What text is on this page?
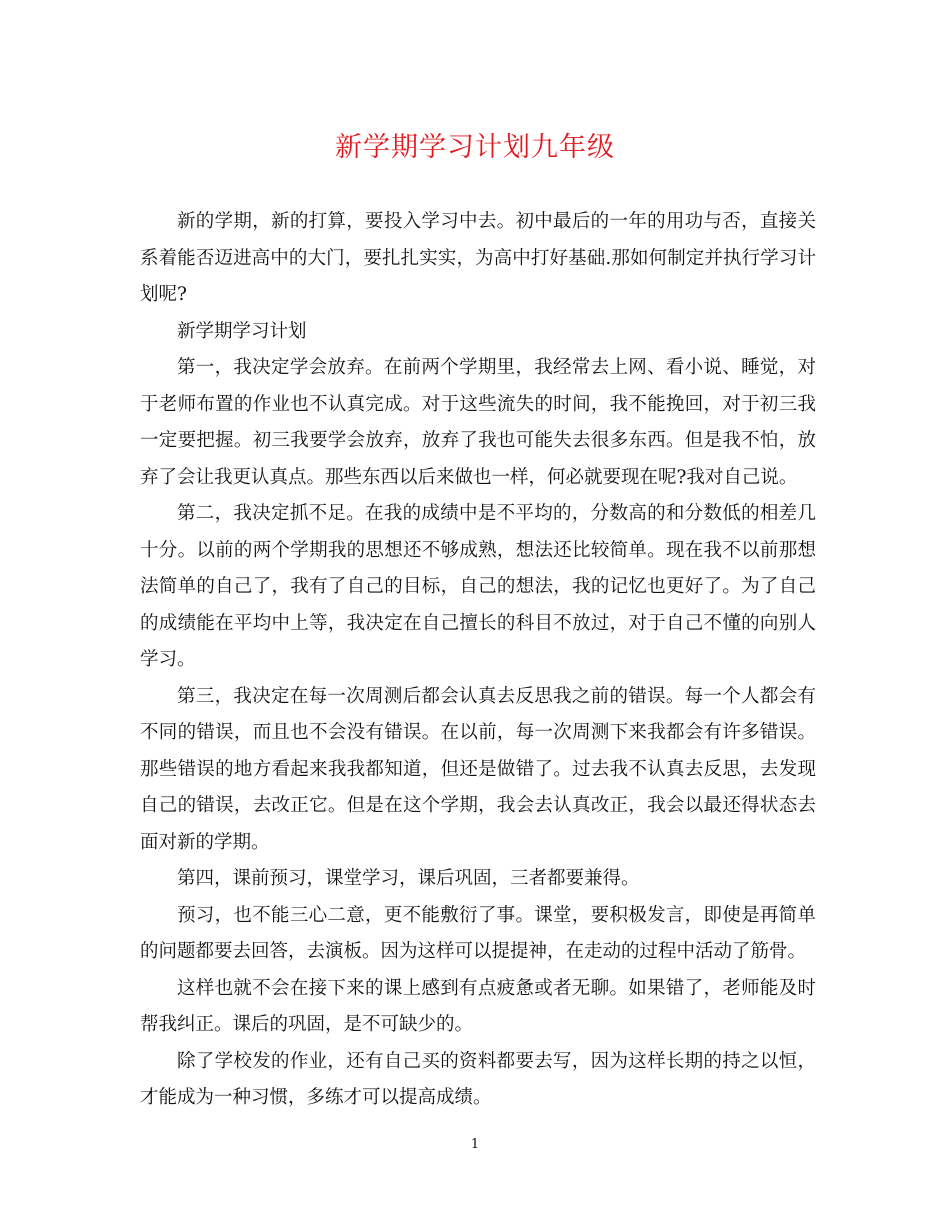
新学期学习计划九年级

新的学期，新的打算，要投入学习中去。初中最后的一年的用功与否，直接关系着能否迈进高中的大门，要扎扎实实，为高中打好基础.那如何制定并执行学习计划呢?

新学期学习计划

第一，我决定学会放弃。在前两个学期里，我经常去上网、看小说、睡觉，对于老师布置的作业也不认真完成。对于这些流失的时间，我不能挽回，对于初三我一定要把握。初三我要学会放弃，放弃了我也可能失去很多东西。但是我不怕，放弃了会让我更认真点。那些东西以后来做也一样，何必就要现在呢?我对自己说。

第二，我决定抓不足。在我的成绩中是不平均的，分数高的和分数低的相差几十分。以前的两个学期我的思想还不够成熟，想法还比较简单。现在我不以前那想法简单的自己了，我有了自己的目标，自己的想法，我的记忆也更好了。为了自己的成绩能在平均中上等，我决定在自己擅长的科目不放过，对于自己不懂的向别人学习。

第三，我决定在每一次周测后都会认真去反思我之前的错误。每一个人都会有不同的错误，而且也不会没有错误。在以前，每一次周测下来我都会有许多错误。那些错误的地方看起来我我都知道，但还是做错了。过去我不认真去反思，去发现自己的错误，去改正它。但是在这个学期，我会去认真改正，我会以最还得状态去面对新的学期。

第四，课前预习，课堂学习，课后巩固，三者都要兼得。

预习，也不能三心二意，更不能敷衍了事。课堂，要积极发言，即使是再简单的问题都要去回答，去演板。因为这样可以提提神，在走动的过程中活动了筋骨。

这样也就不会在接下来的课上感到有点疲惫或者无聊。如果错了，老师能及时帮我纠正。课后的巩固，是不可缺少的。

除了学校发的作业，还有自己买的资料都要去写，因为这样长期的持之以恒，才能成为一种习惯，多练才可以提高成绩。

1
